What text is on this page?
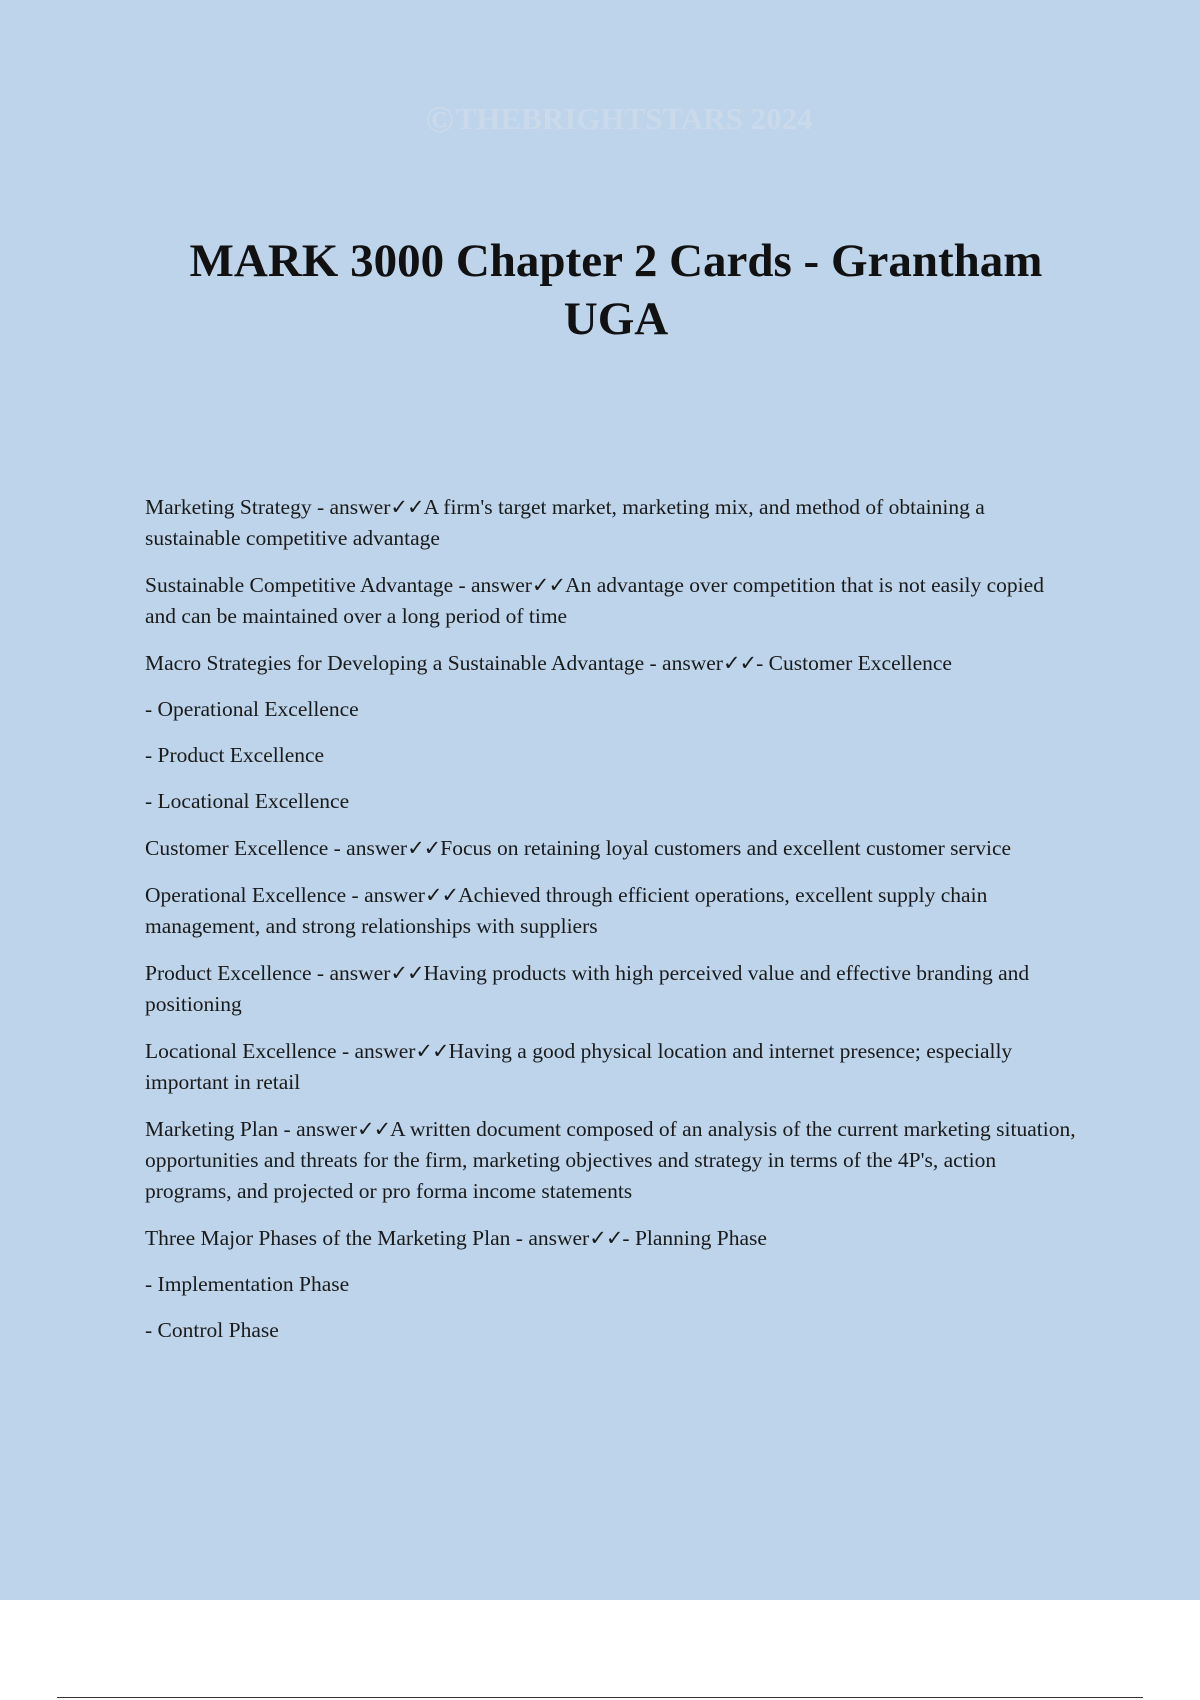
©THEBRIGHTSTARS 2024
MARK 3000 Chapter 2 Cards - Grantham UGA

Marketing Strategy - answer✓✓A firm's target market, marketing mix, and method of obtaining a sustainable competitive advantage

Sustainable Competitive Advantage - answer✓✓An advantage over competition that is not easily copied and can be maintained over a long period of time

Macro Strategies for Developing a Sustainable Advantage - answer✓✓- Customer Excellence

- Operational Excellence

- Product Excellence

- Locational Excellence

Customer Excellence - answer✓✓Focus on retaining loyal customers and excellent customer service

Operational Excellence - answer✓✓Achieved through efficient operations, excellent supply chain management, and strong relationships with suppliers

Product Excellence - answer✓✓Having products with high perceived value and effective branding and positioning

Locational Excellence - answer✓✓Having a good physical location and internet presence; especially important in retail

Marketing Plan - answer✓✓A written document composed of an analysis of the current marketing situation, opportunities and threats for the firm, marketing objectives and strategy in terms of the 4P's, action programs, and projected or pro forma income statements

Three Major Phases of the Marketing Plan - answer✓✓- Planning Phase

- Implementation Phase

- Control Phase
